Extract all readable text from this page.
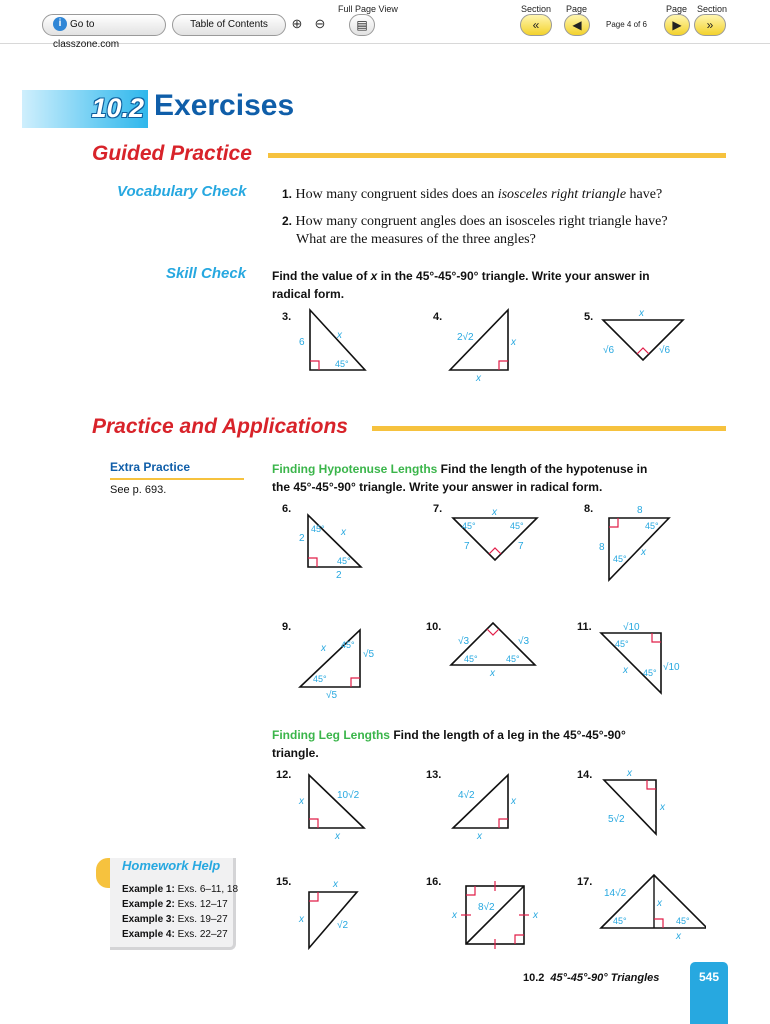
i Go to classzone.com
Table of Contents	⊕ ⊖
Full Page View
▤
Section Page
«	◀	Page 4 of 6
Page Section
▶	»
10.2 Exercises
Guided Practice
Vocabulary Check	1. How many congruent sides does an isosceles right triangle have?
2. How many congruent angles does an isosceles right triangle have?
What are the measures of the three angles?
Skill Check Find the value of x in the 45°-45°-90° triangle. Write your answer in
radical form.
3.
6
x
45°
4.
2√2	x
x
5.	x
√6	√6
Practice and Applications
Extra Practice
See p. 693.
Finding Hypotenuse Lengths Find the length of the hypotenuse in
the 45°-45°-90° triangle. Write your answer in radical form.
6.
45°
2
x
45°
2
7.	x
45°	45°
7	7
8.	8
45°
8	x
45°
9.
x 45°
√5
45°
√5
10.
√3	√3
45°	45°
x
11.	√10
45°
√10
x 45°
Finding Leg Lengths Find the length of a leg in the 45°-45°-90°
triangle.
12.
x
10√2
x
13.
4√2
x
x
14.	x
x
5√2
15.	x
x
√2
16.
8√2
x	x
17.
14√2
x
45°	45°
x
Homework Help
Example 1: Exs. 6–11, 18
Example 2: Exs. 12–17
Example 3: Exs. 19–27
Example 4: Exs. 22–27
10.2 45°-45°-90° Triangles	545
